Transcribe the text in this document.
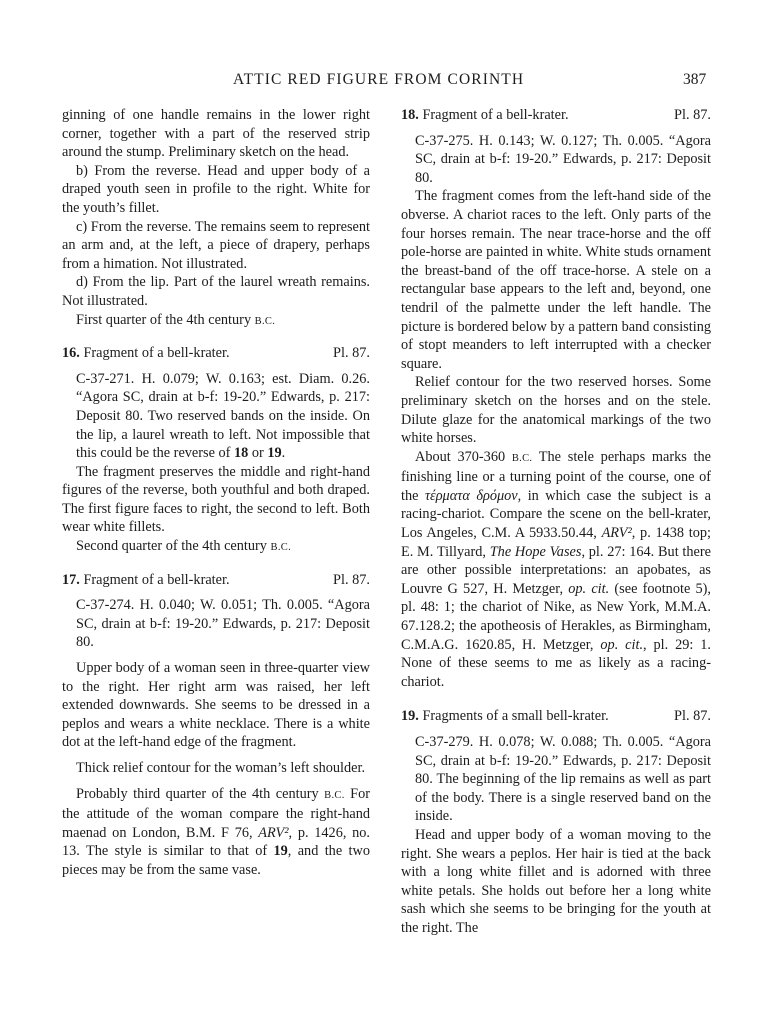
ATTIC RED FIGURE FROM CORINTH	387

ginning of one handle remains in the lower right corner, together with a part of the reserved strip around the stump. Preliminary sketch on the head.

b) From the reverse. Head and upper body of a draped youth seen in profile to the right. White for the youth’s fillet.

c) From the reverse. The remains seem to represent an arm and, at the left, a piece of drapery, perhaps from a himation. Not illustrated.

d) From the lip. Part of the laurel wreath remains. Not illustrated.

First quarter of the 4th century B.C.

16. Fragment of a bell-krater.	Pl. 87.

C-37-271. H. 0.079; W. 0.163; est. Diam. 0.26. “Agora SC, drain at b-f: 19-20.” Edwards, p. 217: Deposit 80. Two reserved bands on the inside. On the lip, a laurel wreath to left. Not impossible that this could be the reverse of 18 or 19.

The fragment preserves the middle and right-hand figures of the reverse, both youthful and both draped. The first figure faces to right, the second to left. Both wear white fillets.

Second quarter of the 4th century B.C.

17. Fragment of a bell-krater.	Pl. 87.

C-37-274. H. 0.040; W. 0.051; Th. 0.005. “Agora SC, drain at b-f: 19-20.” Edwards, p. 217: Deposit 80.

Upper body of a woman seen in three-quarter view to the right. Her right arm was raised, her left extended downwards. She seems to be dressed in a peplos and wears a white necklace. There is a white dot at the left-hand edge of the fragment.

Thick relief contour for the woman’s left shoulder.

Probably third quarter of the 4th century B.C. For the attitude of the woman compare the right-hand maenad on London, B.M. F 76, ARV², p. 1426, no. 13. The style is similar to that of 19, and the two pieces may be from the same vase.

18. Fragment of a bell-krater.	Pl. 87.

C-37-275. H. 0.143; W. 0.127; Th. 0.005. “Agora SC, drain at b-f: 19-20.” Edwards, p. 217: Deposit 80.

The fragment comes from the left-hand side of the obverse. A chariot races to the left. Only parts of the four horses remain. The near trace-horse and the off pole-horse are painted in white. White studs ornament the breast-band of the off trace-horse. A stele on a rectangular base appears to the left and, beyond, one tendril of the palmette under the left handle. The picture is bordered below by a pattern band consisting of stopt meanders to left interrupted with a checker square.

Relief contour for the two reserved horses. Some preliminary sketch on the horses and on the stele. Dilute glaze for the anatomical markings of the two white horses.

About 370-360 B.C. The stele perhaps marks the finishing line or a turning point of the course, one of the τέρματα δρόμον, in which case the subject is a racing-chariot. Compare the scene on the bell-krater, Los Angeles, C.M. A 5933.50.44, ARV², p. 1438 top; E. M. Tillyard, The Hope Vases, pl. 27: 164. But there are other possible interpretations: an apobates, as Louvre G 527, H. Metzger, op. cit. (see footnote 5), pl. 48: 1; the chariot of Nike, as New York, M.M.A. 67.128.2; the apotheosis of Herakles, as Birmingham, C.M.A.G. 1620.85, H. Metzger, op. cit., pl. 29: 1. None of these seems to me as likely as a racing-chariot.

19. Fragments of a small bell-krater.	Pl. 87.

C-37-279. H. 0.078; W. 0.088; Th. 0.005. “Agora SC, drain at b-f: 19-20.” Edwards, p. 217: Deposit 80. The beginning of the lip remains as well as part of the body. There is a single reserved band on the inside.

Head and upper body of a woman moving to the right. She wears a peplos. Her hair is tied at the back with a long white fillet and is adorned with three white petals. She holds out before her a long white sash which she seems to be bringing for the youth at the right. The
